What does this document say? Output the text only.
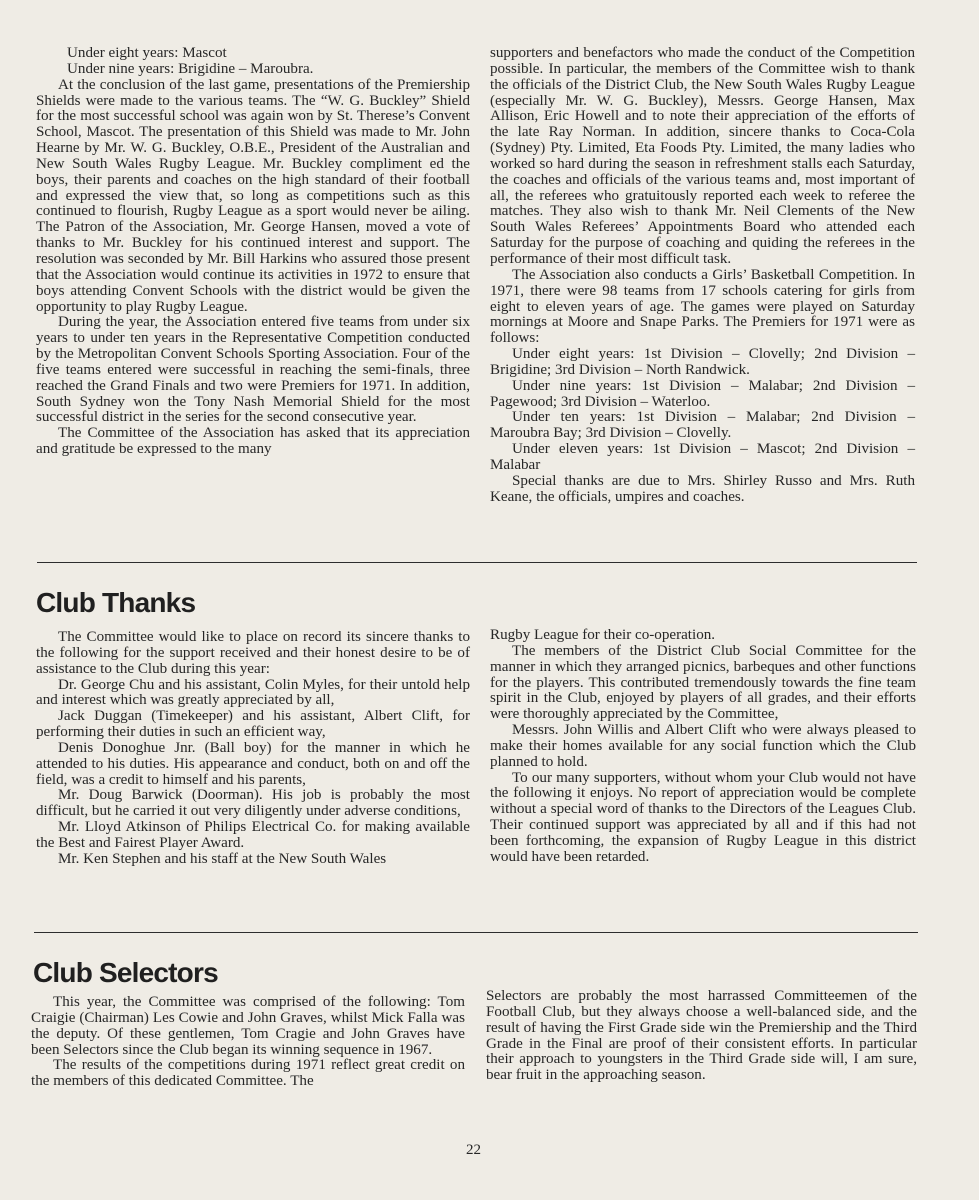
Under eight years: Mascot

Under nine years: Brigidine – Maroubra.

At the conclusion of the last game, presentations of the Premiership Shields were made to the various teams. The “W. G. Buckley” Shield for the most successful school was again won by St. Therese’s Convent School, Mascot. The presentation of this Shield was made to Mr. John Hearne by Mr. W. G. Buckley, O.B.E., President of the Australian and New South Wales Rugby League. Mr. Buckley compliment ed the boys, their parents and coaches on the high standard of their football and expressed the view that, so long as competitions such as this continued to flourish, Rugby League as a sport would never be ailing. The Patron of the Association, Mr. George Hansen, moved a vote of thanks to Mr. Buckley for his continued interest and support. The resolution was seconded by Mr. Bill Harkins who assured those present that the Association would continue its activities in 1972 to ensure that boys attending Convent Schools with the district would be given the opportunity to play Rugby League.

During the year, the Association entered five teams from under six years to under ten years in the Representative Competition conducted by the Metropolitan Convent Schools Sporting Association. Four of the five teams entered were successful in reaching the semi-finals, three reached the Grand Finals and two were Premiers for 1971. In addition, South Sydney won the Tony Nash Memorial Shield for the most successful district in the series for the second consecutive year.

The Committee of the Association has asked that its appreciation and gratitude be expressed to the many

supporters and benefactors who made the conduct of the Competition possible. In particular, the members of the Committee wish to thank the officials of the District Club, the New South Wales Rugby League (especially Mr. W. G. Buckley), Messrs. George Hansen, Max Allison, Eric Howell and to note their appreciation of the efforts of the late Ray Norman. In addition, sincere thanks to Coca-Cola (Sydney) Pty. Limited, Eta Foods Pty. Limited, the many ladies who worked so hard during the season in refreshment stalls each Saturday, the coaches and officials of the various teams and, most important of all, the referees who gratuitously reported each week to referee the matches. They also wish to thank Mr. Neil Clements of the New South Wales Referees’ Appointments Board who attended each Saturday for the purpose of coaching and quiding the referees in the performance of their most difficult task.

The Association also conducts a Girls’ Basketball Competition. In 1971, there were 98 teams from 17 schools catering for girls from eight to eleven years of age. The games were played on Saturday mornings at Moore and Snape Parks. The Premiers for 1971 were as follows:

Under eight years: 1st Division – Clovelly; 2nd Division – Brigidine; 3rd Division – North Randwick.

Under nine years: 1st Division – Malabar; 2nd Division – Pagewood; 3rd Division – Waterloo.

Under ten years: 1st Division – Malabar; 2nd Division – Maroubra Bay; 3rd Division – Clovelly.

Under eleven years: 1st Division – Mascot; 2nd Division – Malabar

Special thanks are due to Mrs. Shirley Russo and Mrs. Ruth Keane, the officials, umpires and coaches.

Club Thanks

The Committee would like to place on record its sincere thanks to the following for the support received and their honest desire to be of assistance to the Club during this year:

Dr. George Chu and his assistant, Colin Myles, for their untold help and interest which was greatly appreciated by all,

Jack Duggan (Timekeeper) and his assistant, Albert Clift, for performing their duties in such an efficient way,

Denis Donoghue Jnr. (Ball boy) for the manner in which he attended to his duties. His appearance and conduct, both on and off the field, was a credit to himself and his parents,

Mr. Doug Barwick (Doorman). His job is probably the most difficult, but he carried it out very diligently under adverse conditions,

Mr. Lloyd Atkinson of Philips Electrical Co. for making available the Best and Fairest Player Award.

Mr. Ken Stephen and his staff at the New South Wales

Rugby League for their co-operation.

The members of the District Club Social Committee for the manner in which they arranged picnics, barbeques and other functions for the players. This contributed tremendously towards the fine team spirit in the Club, enjoyed by players of all grades, and their efforts were thoroughly appreciated by the Committee,

Messrs. John Willis and Albert Clift who were always pleased to make their homes available for any social function which the Club planned to hold.

To our many supporters, without whom your Club would not have the following it enjoys. No report of appreciation would be complete without a special word of thanks to the Directors of the Leagues Club. Their continued support was appreciated by all and if this had not been forthcoming, the expansion of Rugby League in this district would have been retarded.

Club Selectors

This year, the Committee was comprised of the following: Tom Craigie (Chairman) Les Cowie and John Graves, whilst Mick Falla was the deputy. Of these gentlemen, Tom Cragie and John Graves have been Selectors since the Club began its winning sequence in 1967.

The results of the competitions during 1971 reflect great credit on the members of this dedicated Committee. The

Selectors are probably the most harrassed Committeemen of the Football Club, but they always choose a well-balanced side, and the result of having the First Grade side win the Premiership and the Third Grade in the Final are proof of their consistent efforts. In particular their approach to youngsters in the Third Grade side will, I am sure, bear fruit in the approaching season.

22
